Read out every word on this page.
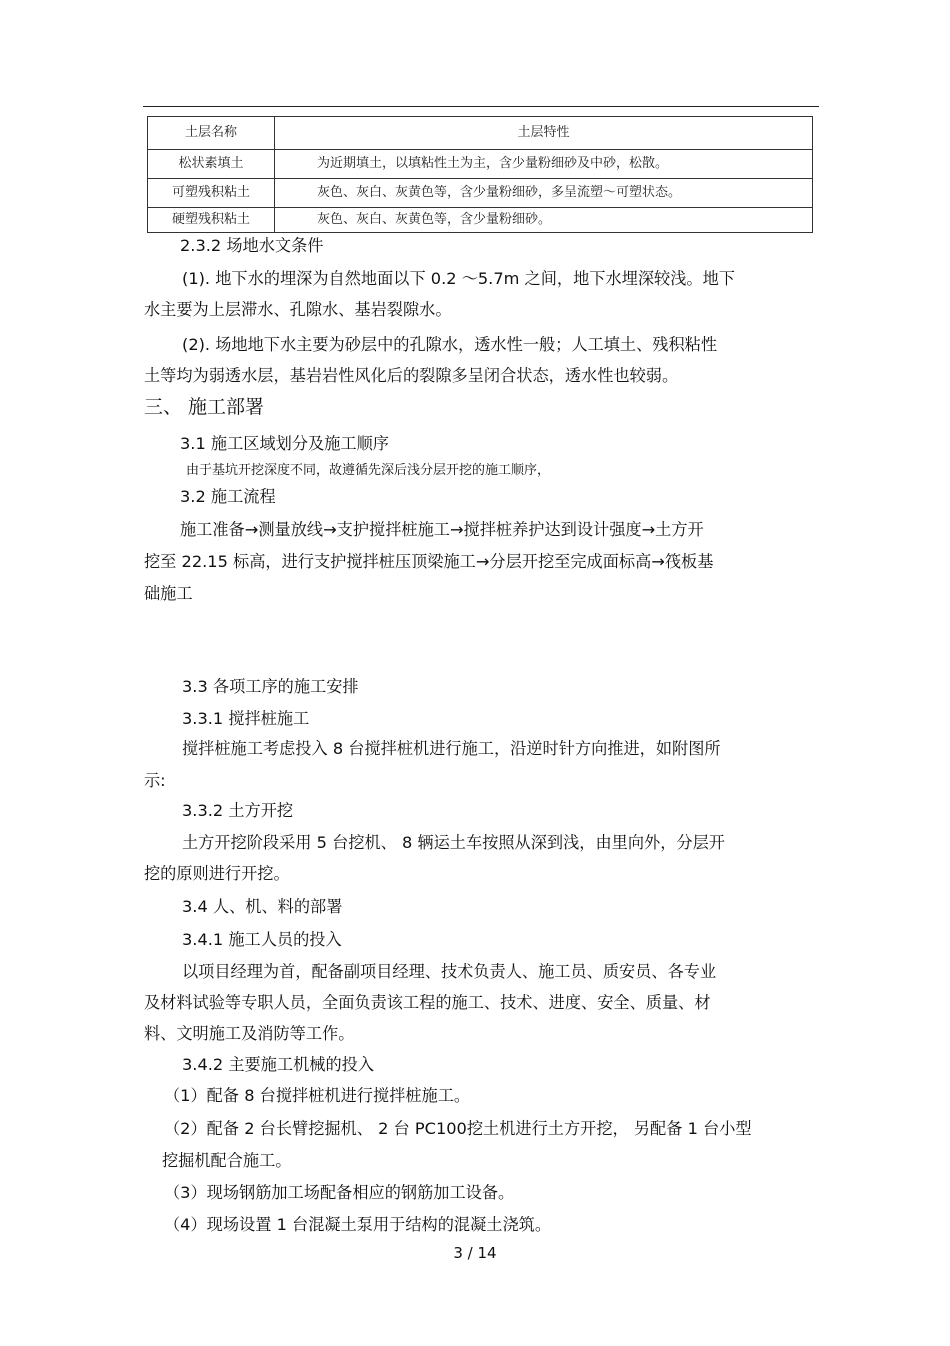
土层名称	土层特性
松状素填土	为近期填土，以填粘性土为主，含少量粉细砂及中砂，松散。
可塑残积粘土	灰色、灰白、灰黄色等，含少量粉细砂，多呈流塑～可塑状态。
硬塑残积粘土	灰色、灰白、灰黄色等，含少量粉细砂。
2.3.2 场地水文条件
(1). 地下水的埋深为自然地面以下 0.2 ～5.7m 之间，地下水埋深较浅。地下
水主要为上层滞水、孔隙水、基岩裂隙水。
(2). 场地地下水主要为砂层中的孔隙水，透水性一般；人工填土、残积粘性
土等均为弱透水层，基岩岩性风化后的裂隙多呈闭合状态，透水性也较弱。
三、 施工部署
3.1 施工区域划分及施工顺序
由于基坑开挖深度不同，故遵循先深后浅分层开挖的施工顺序，
3.2 施工流程
施工准备→测量放线→支护搅拌桩施工→搅拌桩养护达到设计强度→土方开
挖至 22.15 标高，进行支护搅拌桩压顶梁施工→分层开挖至完成面标高→筏板基
础施工
3.3 各项工序的施工安排
3.3.1 搅拌桩施工
搅拌桩施工考虑投入 8 台搅拌桩机进行施工，沿逆时针方向推进，如附图所
示:
3.3.2 土方开挖
土方开挖阶段采用 5 台挖机、 8 辆运土车按照从深到浅，由里向外，分层开
挖的原则进行开挖。
3.4 人、机、料的部署
3.4.1 施工人员的投入
以项目经理为首，配备副项目经理、技术负责人、施工员、质安员、各专业
及材料试验等专职人员，全面负责该工程的施工、技术、进度、安全、质量、材
料、文明施工及消防等工作。
3.4.2 主要施工机械的投入
（1）配备 8 台搅拌桩机进行搅拌桩施工。
（2）配备 2 台长臂挖掘机、 2 台 PC100挖土机进行土方开挖， 另配备 1 台小型
挖掘机配合施工。
（3）现场钢筋加工场配备相应的钢筋加工设备。
（4）现场设置 1 台混凝土泵用于结构的混凝土浇筑。
3 / 14
